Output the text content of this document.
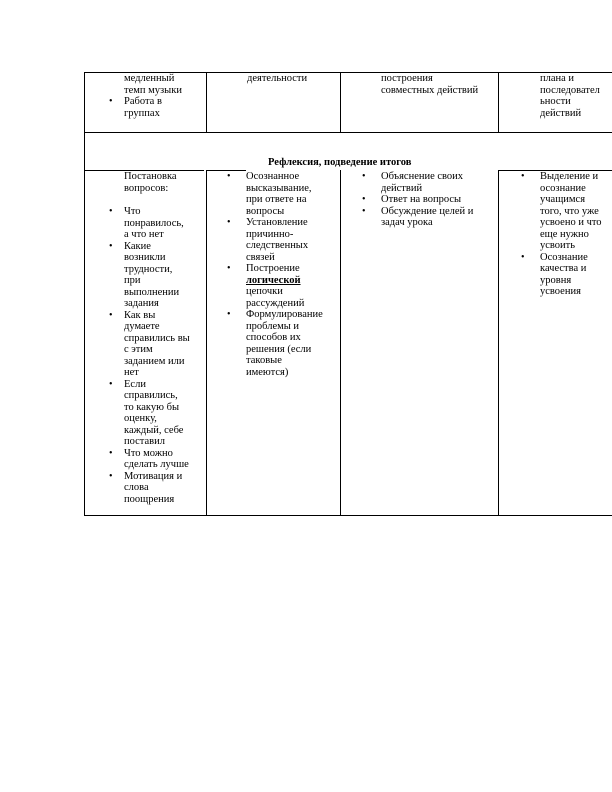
медленный
темп музыки
• Работа в
группах
деятельности	построения
совместных действий
плана и
последовател
ьности
действий
Рефлексия, подведение итогов
Постановка
вопросов:
• Что
понравилось,
а что нет
• Какие
возникли
трудности,
при
выполнении
задания
• Как вы
думаете
справились вы
с этим
заданием или
нет
• Если
справились,
то какую бы
оценку,
каждый, себе
поставил
• Что можно
сделать лучше
• Мотивация и
слова
поощрения
• Осознанное
высказывание,
при ответе на
вопросы
• Установление
причинно-
следственных
связей
• Построение
логической
цепочки
рассуждений
• Формулирование
проблемы и
способов их
решения (если
таковые
имеются)
• Объяснение своих
действий
• Ответ на вопросы
• Обсуждение целей и
задач урока
• Выделение и
осознание
учащимся
того, что уже
усвоено и что
еще нужно
усвоить
• Осознание
качества и
уровня
усвоения
